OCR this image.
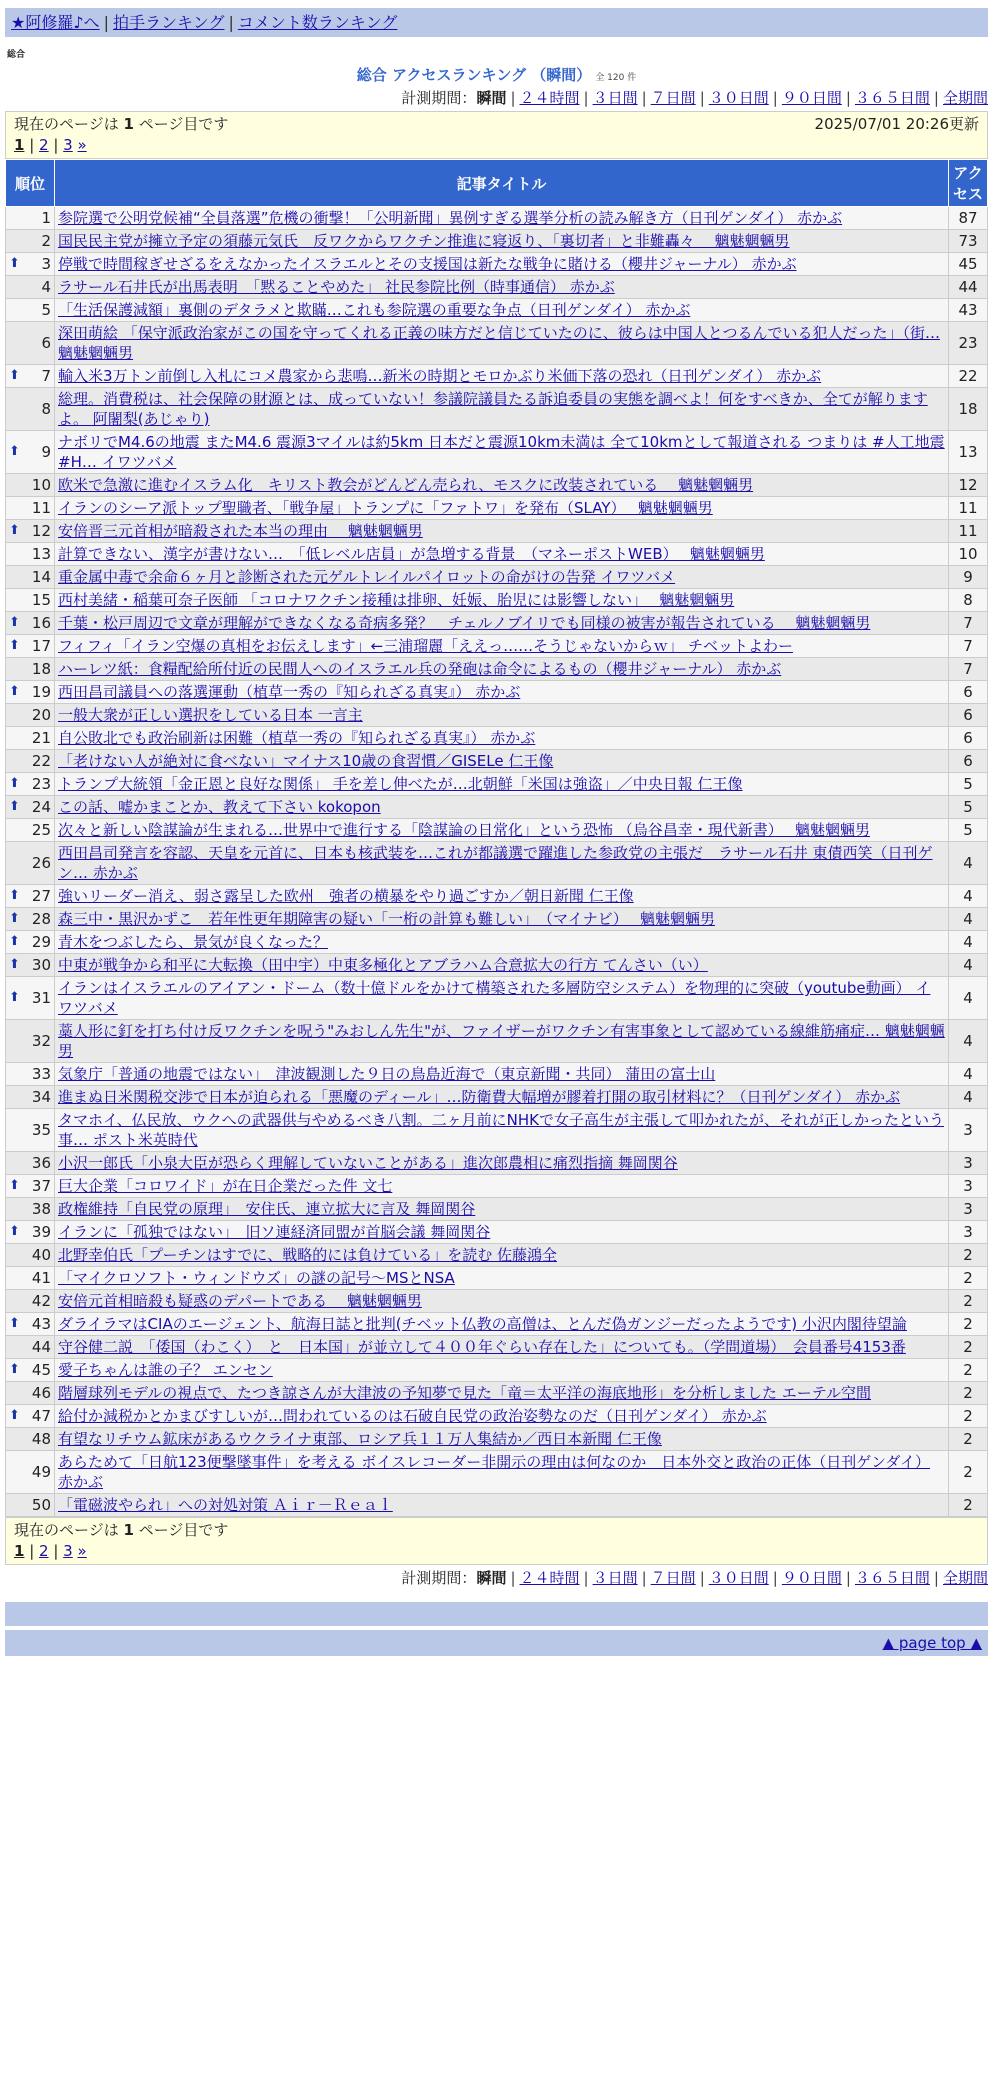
★阿修羅♪へ | 拍手ランキング | コメント数ランキング
総合
総合 アクセスランキング （瞬間） 全 120 件
計測期間：瞬間 | ２４時間 | ３日間 | ７日間 | ３０日間 | ９０日間 | ３６５日間 | 全期間
2025/07/01 20:26更新
現在のページは 1 ページ目です
1 | 2 | 3 »
順位	記事タイトル	アクセス
1	参院選で公明党候補“全員落選”危機の衝撃！「公明新聞」異例すぎる選挙分析の読み解き方（日刊ゲンダイ） 赤かぶ	87
2	国民民主党が擁立予定の須藤元気氏　反ワクからワクチン推進に寝返り、「裏切者」と非難轟々　 魑魅魍魎男	73

⬆ 3	停戦で時間稼ぎせざるをえなかったイスラエルとその支援国は新たな戦争に賭ける（櫻井ジャーナル） 赤かぶ	45
4	ラサール石井氏が出馬表明　「黙ることやめた」 社民参院比例（時事通信） 赤かぶ	44
5	「生活保護減額」裏側のデタラメと欺瞞…これも参院選の重要な争点（日刊ゲンダイ） 赤かぶ	43
6	深田萌絵 「保守派政治家がこの国を守ってくれる正義の味方だと信じていたのに、彼らは中国人とつるんでいる犯人だった」（街… 魑魅魍魎男	23

⬆ 7	輸入米3万トン前倒し入札にコメ農家から悲鳴…新米の時期とモロかぶり米価下落の恐れ（日刊ゲンダイ） 赤かぶ	22
8	総理。消費税は、社会保障の財源とは、成っていない！参議院議員たる訴追委員の実態を調べよ！何をすべきか、全てが解りますよ。 阿闍梨(あじゃり)	18

⬆ 9	ナボリでM4.6の地震 またM4.6 震源3マイルは約5km 日本だと震源10km未満は 全て10kmとして報道される つまりは #人工地震 #H… イワツバメ	13
10	欧米で急激に進むイスラム化　キリスト教会がどんどん売られ、モスクに改装されている　 魑魅魍魎男	12
11	イランのシーア派トップ聖職者、「戦争屋」トランプに「ファトワ」を発布（SLAY）　 魑魅魍魎男	11

⬆ 12	安倍晋三元首相が暗殺された本当の理由　 魑魅魍魎男	11
13	計算できない、漢字が書けない…　「低レベル店員」が急増する背景　（マネーポストWEB）　 魑魅魍魎男	10
14	重金属中毒で余命６ヶ月と診断された元ゲルトレイルパイロットの命がけの告発 イワツバメ	9
15	西村美緒・稲葉可奈子医師 「コロナワクチン接種は排卵、妊娠、胎児には影響しない」　 魑魅魍魎男	8

⬆ 16	千葉・松戸周辺で文章が理解ができなくなる奇病多発？　チェルノブイリでも同様の被害が報告されている　 魑魅魍魎男	7

⬆ 17	フィフィ「イラン空爆の真相をお伝えします」←三浦瑠麗「ええっ……そうじゃないからｗ」 チベットよわー	7
18	ハーレツ紙：食糧配給所付近の民間人へのイスラエル兵の発砲は命令によるもの（櫻井ジャーナル） 赤かぶ	7

⬆ 19	西田昌司議員への落選運動（植草一秀の『知られざる真実』） 赤かぶ	6
20	一般大衆が正しい選択をしている日本 一言主	6
21	自公敗北でも政治刷新は困難（植草一秀の『知られざる真実』） 赤かぶ	6
22	「老けない人が絶対に食べない」マイナス10歳の食習慣／GISELe 仁王像	6

⬆ 23	トランプ大統領「金正恩と良好な関係」 手を差し伸べたが…北朝鮮「米国は強盗」／中央日報 仁王像	5

⬆ 24	この話、嘘かまことか、教えて下さい kokopon	5
25	次々と新しい陰謀論が生まれる…世界中で進行する「陰謀論の日常化」という恐怖 （烏谷昌幸・現代新書）　 魑魅魍魎男	5
26	西田昌司発言を容認、天皇を元首に、日本も核武装を…これが都議選で躍進した参政党の主張だ　ラサール石井 東債西笑（日刊ゲン… 赤かぶ	4

⬆ 27	強いリーダー消え、弱さ露呈した欧州　強者の横暴をやり過ごすか／朝日新聞 仁王像	4

⬆ 28	森三中・黒沢かずこ　若年性更年期障害の疑い「一桁の計算も難しい」　（マイナビ）　 魑魅魍魎男	4

⬆ 29	青木をつぶしたら、景気が良くなった？	4

⬆ 30	中東が戦争から和平に大転換（田中宇）中東多極化とアブラハム合意拡大の行方 てんさい（い）	4

⬆ 31	イランはイスラエルのアイアン・ドーム（数十億ドルをかけて構築された多層防空システム）を物理的に突破（youtube動画） イワツバメ	4
32	藁人形に釘を打ち付け反ワクチンを呪う"みおしん先生"が、ファイザーがワクチン有害事象として認めている線維筋痛症… 魑魅魍魎男	4
33	気象庁「普通の地震ではない」　津波観測した９日の鳥島近海で（東京新聞・共同） 蒲田の富士山	4
34	進まぬ日米関税交渉で日本が迫られる「悪魔のディール」…防衛費大幅増が膠着打開の取引材料に？（日刊ゲンダイ） 赤かぶ	4
35	タマホイ、仏民放、ウクへの武器供与やめるべき八割。二ヶ月前にNHKで女子高生が主張して叩かれたが、それが正しかったという事… ポスト米英時代	3
36	小沢一郎氏「小泉大臣が恐らく理解していないことがある」進次郎農相に痛烈指摘 舞岡関谷	3

⬆ 37	巨大企業「コロワイド」が在日企業だった件 文七	3
38	政権維持「自民党の原理」　安住氏、連立拡大に言及 舞岡関谷	3

⬆ 39	イランに「孤独ではない」　旧ソ連経済同盟が首脳会議 舞岡関谷	3
40	北野幸伯氏「プーチンはすでに、戦略的には負けている」を読む 佐藤鴻全	2
41	「マイクロソフト・ウィンドウズ」の謎の記号～MSとNSA	2
42	安倍元首相暗殺も疑惑のデパートである　 魑魅魍魎男	2

⬆ 43	ダライラマはCIAのエージェント、航海日誌と批判(チベット仏教の高僧は、とんだ偽ガンジーだったようです) 小沢内閣待望論	2
44	守谷健二説　「倭国（わこく）　と　日本国」が並立して４００年ぐらい存在した」についても。（学問道場）　会員番号4153番	2

⬆ 45	愛子ちゃんは誰の子？ エンセン	2
46	階層球列モデルの視点で、たつき諒さんが大津波の予知夢で見た「竜＝太平洋の海底地形」を分析しました エーテル空間	2

⬆ 47	給付か減税かとかまびすしいが…問われているのは石破自民党の政治姿勢なのだ（日刊ゲンダイ） 赤かぶ	2
48	有望なリチウム鉱床があるウクライナ東部、ロシア兵１１万人集結か／西日本新聞 仁王像	2
49	あらためて「日航123便撃墜事件」を考える ボイスレコーダー非開示の理由は何なのか　日本外交と政治の正体（日刊ゲンダイ） 赤かぶ	2
50	「電磁波やられ」への対処対策 Ａｉｒ－Ｒｅａｌ	2
現在のページは 1 ページ目です
1 | 2 | 3 »
計測期間：瞬間 | ２４時間 | ３日間 | ７日間 | ３０日間 | ９０日間 | ３６５日間 | 全期間
▲ page top ▲
